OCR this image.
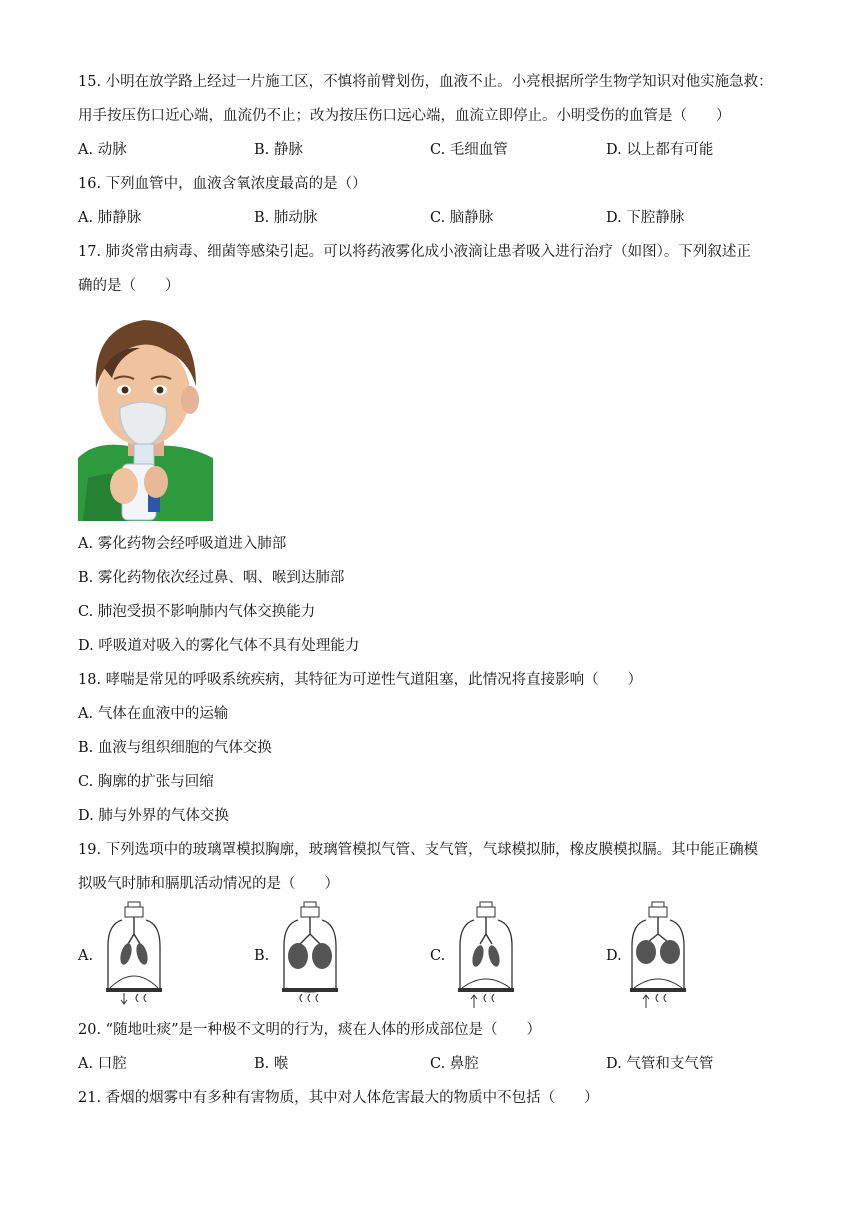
15. 小明在放学路上经过一片施工区，不慎将前臂划伤，血液不止。小亮根据所学生物学知识对他实施急救：
用手按压伤口近心端，血流仍不止；改为按压伤口远心端，血流立即停止。小明受伤的血管是（　　）
A. 动脉	B. 静脉	C. 毛细血管	D. 以上都有可能
16. 下列血管中，血液含氧浓度最高的是（）
A. 肺静脉	B. 肺动脉	C. 脑静脉	D. 下腔静脉
17. 肺炎常由病毒、细菌等感染引起。可以将药液雾化成小液滴让患者吸入进行治疗（如图）。下列叙述正
确的是（　　）
A. 雾化药物会经呼吸道进入肺部
B. 雾化药物依次经过鼻、咽、喉到达肺部
C. 肺泡受损不影响肺内气体交换能力
D. 呼吸道对吸入的雾化气体不具有处理能力
18. 哮喘是常见的呼吸系统疾病，其特征为可逆性气道阻塞，此情况将直接影响（　　）
A. 气体在血液中的运输
B. 血液与组织细胞的气体交换
C. 胸廓的扩张与回缩
D. 肺与外界的气体交换
19. 下列选项中的玻璃罩模拟胸廓，玻璃管模拟气管、支气管，气球模拟肺，橡皮膜模拟膈。其中能正确模
拟吸气时肺和膈肌活动情况的是（　　）
A.	B.	C.	D.
20. “随地吐痰”是一种极不文明的行为，痰在人体的形成部位是（　　）
A. 口腔	B. 喉	C. 鼻腔	D. 气管和支气管
21. 香烟的烟雾中有多种有害物质，其中对人体危害最大的物质中不包括（　　）
